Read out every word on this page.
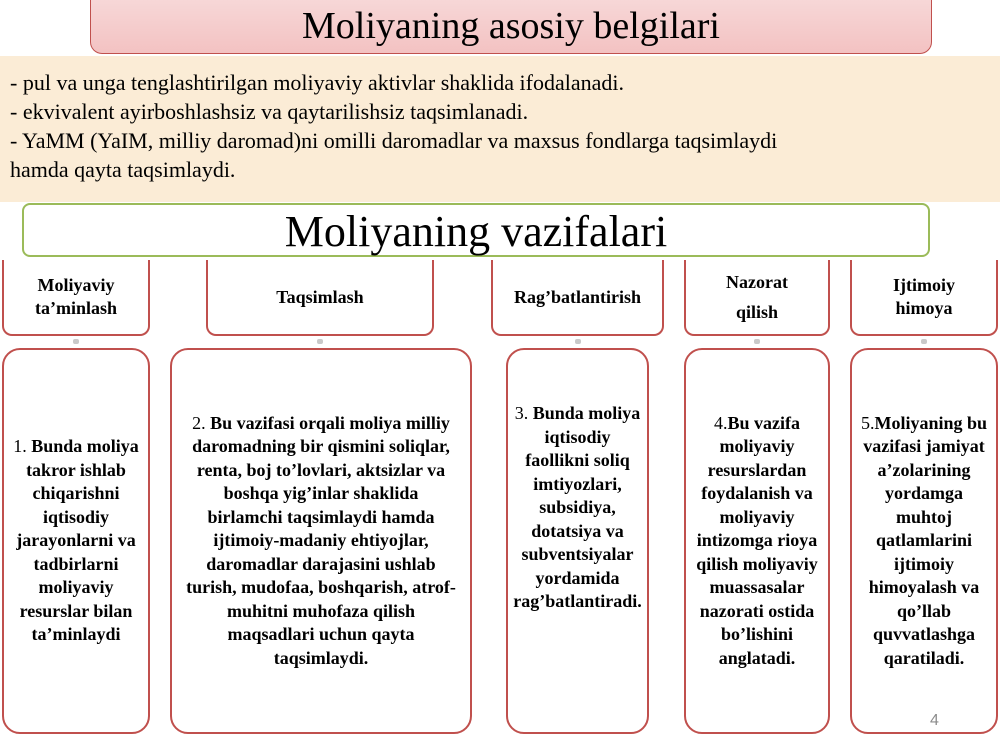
Moliyaning asosiy belgilari
- pul va unga tenglashtirilgan moliyaviy aktivlar shaklida ifodalanadi.
- ekvivalent ayirboshlashsiz va qaytarilishsiz taqsimlanadi.
- YaMM (YaIM, milliy daromad)ni omilli daromadlar va maxsus fondlarga taqsimlaydi
hamda qayta taqsimlaydi.
Moliyaning vazifalari
Moliyaviy
ta’minlash
1. Bunda moliya takror ishlab chiqarishni iqtisodiy jarayonlarni va tadbirlarni moliyaviy resurslar bilan ta’minlaydi
Taqsimlash
2. Bu vazifasi orqali moliya milliy daromadning bir qismini soliqlar, renta, boj to’lovlari, aktsizlar va boshqa yig’inlar shaklida birlamchi taqsimlaydi hamda ijtimoiy-madaniy ehtiyojlar, daromadlar darajasini ushlab turish, mudofaa, boshqarish, atrof-muhitni muhofaza qilish maqsadlari uchun qayta taqsimlaydi.
Rag’batlantirish
3. Bunda moliya iqtisodiy faollikni soliq imtiyozlari, subsidiya, dotatsiya va subventsiyalar yordamida rag’batlantiradi.
Nazorat
qilish
4.Bu vazifa moliyaviy resurslardan foydalanish va moliyaviy intizomga rioya qilish moliyaviy muassasalar nazorati ostida bo’lishini anglatadi.
Ijtimoiy
himoya
5.Moliyaning bu vazifasi jamiyat a’zolarining yordamga muhtoj qatlamlarini ijtimoiy himoyalash va qo’llab quvvatlashga qaratiladi.
4
